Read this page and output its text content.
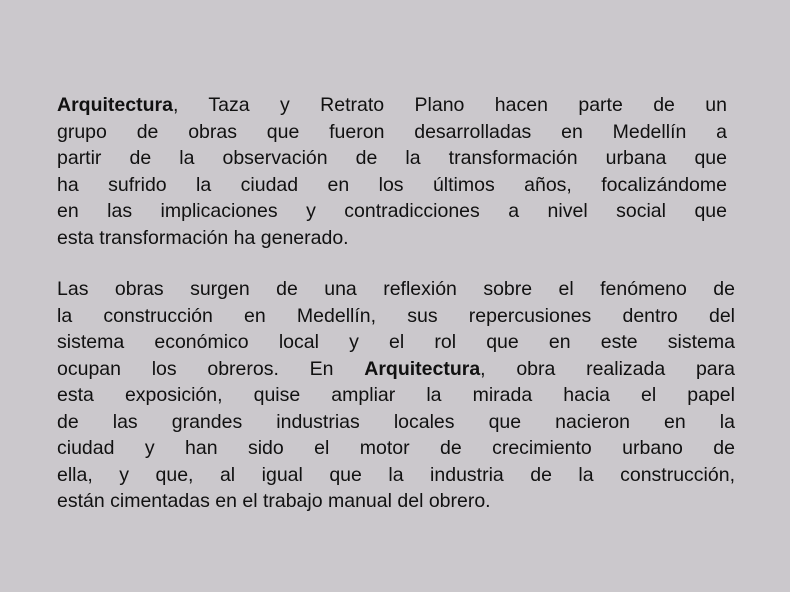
Arquitectura, Taza y Retrato Plano hacen parte de un
grupo de obras que fueron desarrolladas en Medellín a
partir de la observación de la transformación urbana que
ha sufrido la ciudad en los últimos años, focalizándome
en las implicaciones y contradicciones a nivel social que
esta transformación ha generado.
Las obras surgen de una reflexión sobre el fenómeno de
la construcción en Medellín, sus repercusiones dentro del
sistema económico local y el rol que en este sistema
ocupan los obreros. En Arquitectura, obra realizada para
esta exposición, quise ampliar la mirada hacia el papel
de las grandes industrias locales que nacieron en la
ciudad y han sido el motor de crecimiento urbano de
ella, y que, al igual que la industria de la construcción,
están cimentadas en el trabajo manual del obrero.
